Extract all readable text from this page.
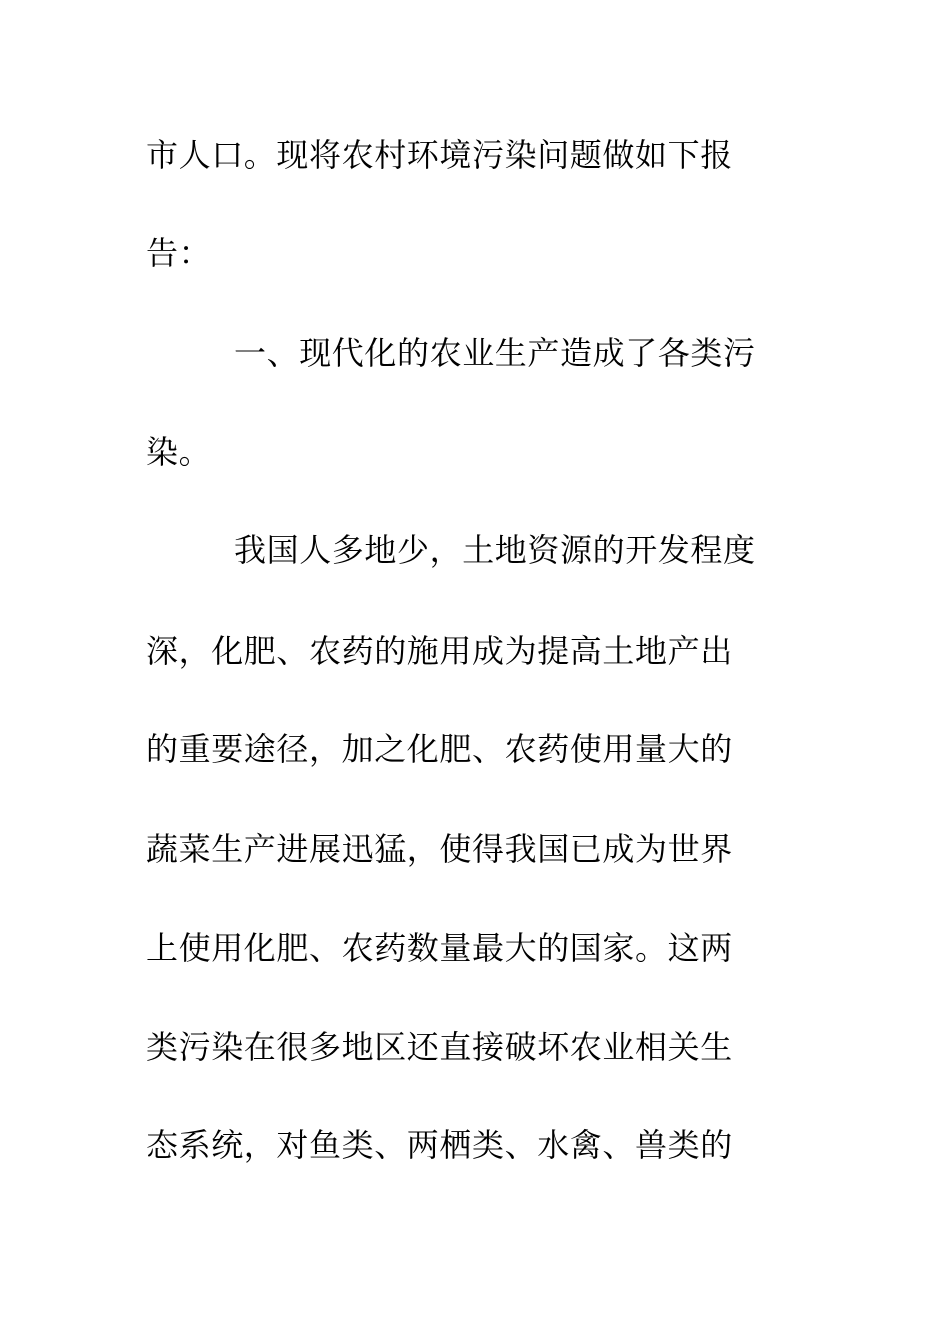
市人口。现将农村环境污染问题做如下报
告：
一、现代化的农业生产造成了各类污
染。
我国人多地少，土地资源的开发程度
深，化肥、农药的施用成为提高土地产出
的重要途径，加之化肥、农药使用量大的
蔬菜生产进展迅猛，使得我国已成为世界
上使用化肥、农药数量最大的国家。这两
类污染在很多地区还直接破坏农业相关生
态系统，对鱼类、两栖类、水禽、兽类的
